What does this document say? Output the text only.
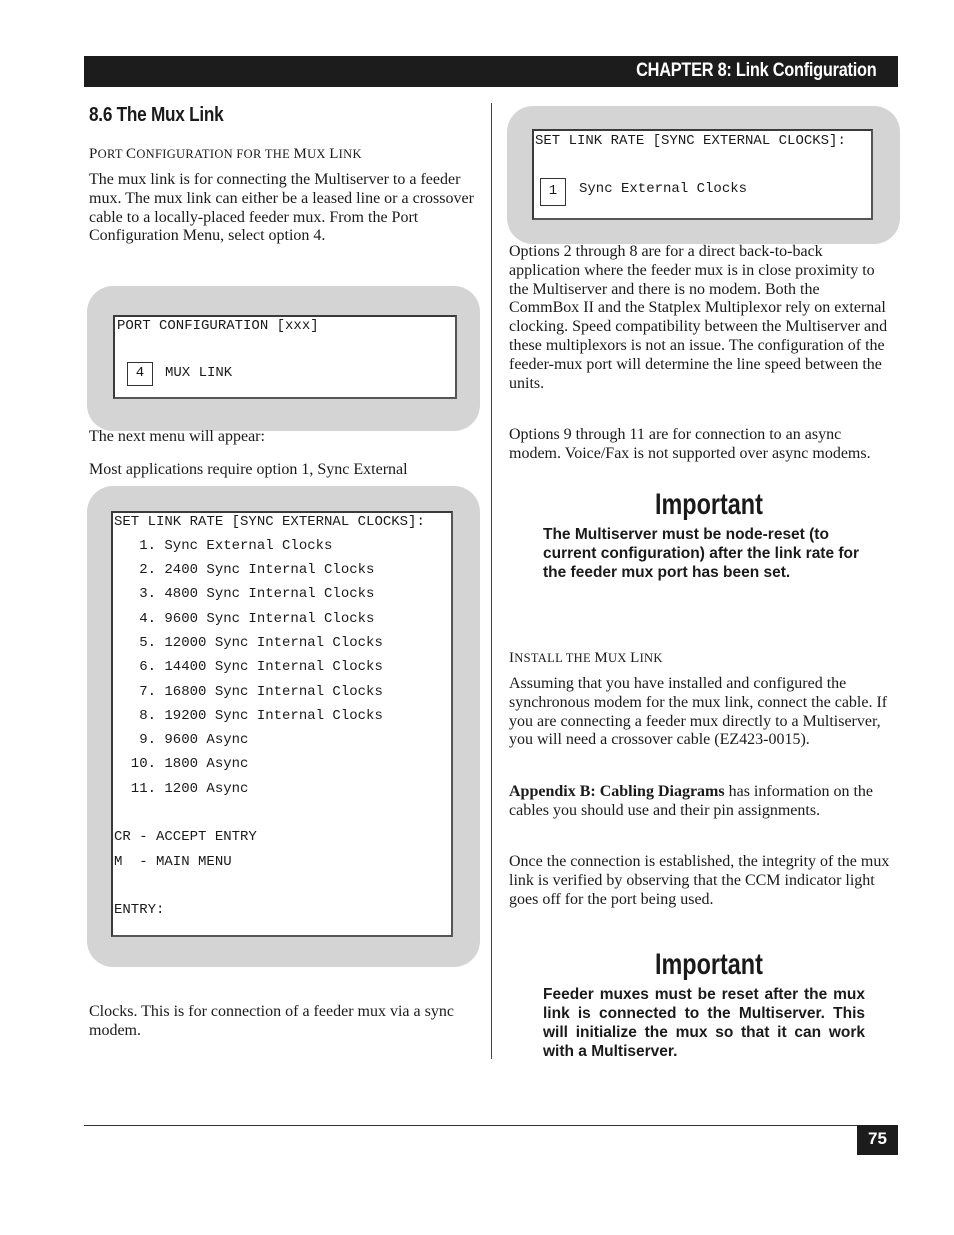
CHAPTER 8: Link Configuration
8.6 The Mux Link
PORT CONFIGURATION FOR THE MUX LINK
The mux link is for connecting the Multiserver to a feeder mux. The mux link can either be a leased line or a crossover cable to a locally-placed feeder mux. From the Port Configuration Menu, select option 4.
PORT CONFIGURATION [xxx]
4	MUX LINK
The next menu will appear:
Most applications require option 1, Sync External
SET LINK RATE [SYNC EXTERNAL CLOCKS]:
1. Sync External Clocks
2. 2400 Sync Internal Clocks
3. 4800 Sync Internal Clocks
4. 9600 Sync Internal Clocks
5. 12000 Sync Internal Clocks
6. 14400 Sync Internal Clocks
7. 16800 Sync Internal Clocks
8. 19200 Sync Internal Clocks
9. 9600 Async
10. 1800 Async
11. 1200 Async
CR - ACCEPT ENTRY
M  - MAIN MENU
ENTRY:
Clocks. This is for connection of a feeder mux via a sync modem.
SET LINK RATE [SYNC EXTERNAL CLOCKS]:
1	Sync External Clocks
Options 2 through 8 are for a direct back-to-back application where the feeder mux is in close proximity to the Multiserver and there is no modem. Both the CommBox II and the Statplex Multiplexor rely on external clocking. Speed compatibility between the Multiserver and these multiplexors is not an issue. The configuration of the feeder-mux port will determine the line speed between the units.
Options 9 through 11 are for connection to an async modem. Voice/Fax is not supported over async modems.
Important
The Multiserver must be node-reset (to current configuration) after the link rate for the feeder mux port has been set.
INSTALL THE MUX LINK
Assuming that you have installed and configured the synchronous modem for the mux link, connect the cable. If you are connecting a feeder mux directly to a Multiserver, you will need a crossover cable (EZ423-0015).
Appendix B: Cabling Diagrams has information on the cables you should use and their pin assignments.
Once the connection is established, the integrity of the mux link is verified by observing that the CCM indicator light goes off for the port being used.
Important
Feeder muxes must be reset after the mux link is connected to the Multiserver. This will initialize the mux so that it can work with a Multiserver.
75
